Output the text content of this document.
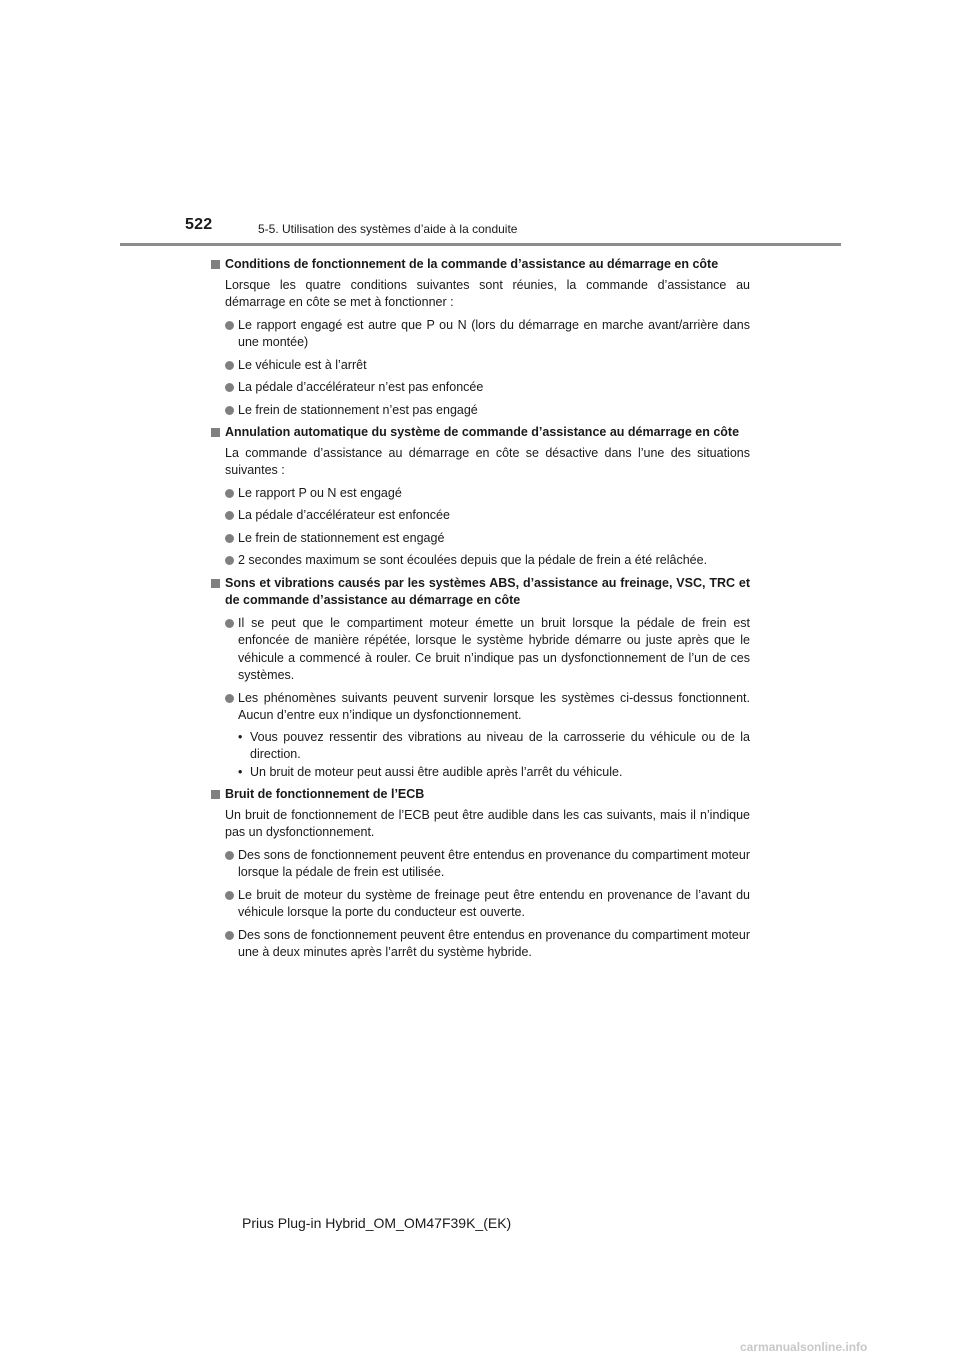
522	5-5. Utilisation des systèmes d’aide à la conduite
Conditions de fonctionnement de la commande d’assistance au démarrage en côte
Lorsque les quatre conditions suivantes sont réunies, la commande d’assistance au démarrage en côte se met à fonctionner :
Le rapport engagé est autre que P ou N (lors du démarrage en marche avant/arrière dans une montée)
Le véhicule est à l’arrêt
La pédale d’accélérateur n’est pas enfoncée
Le frein de stationnement n’est pas engagé
Annulation automatique du système de commande d’assistance au démarrage en côte
La commande d’assistance au démarrage en côte se désactive dans l’une des situations suivantes :
Le rapport P ou N est engagé
La pédale d’accélérateur est enfoncée
Le frein de stationnement est engagé
2 secondes maximum se sont écoulées depuis que la pédale de frein a été relâchée.
Sons et vibrations causés par les systèmes ABS, d’assistance au freinage, VSC, TRC et de commande d’assistance au démarrage en côte
Il se peut que le compartiment moteur émette un bruit lorsque la pédale de frein est enfoncée de manière répétée, lorsque le système hybride démarre ou juste après que le véhicule a commencé à rouler. Ce bruit n’indique pas un dysfonctionnement de l’un de ces systèmes.
Les phénomènes suivants peuvent survenir lorsque les systèmes ci-dessus fonctionnent. Aucun d’entre eux n’indique un dysfonctionnement.
• Vous pouvez ressentir des vibrations au niveau de la carrosserie du véhicule ou de la direction.
• Un bruit de moteur peut aussi être audible après l’arrêt du véhicule.
Bruit de fonctionnement de l’ECB
Un bruit de fonctionnement de l’ECB peut être audible dans les cas suivants, mais il n’indique pas un dysfonctionnement.
Des sons de fonctionnement peuvent être entendus en provenance du compartiment moteur lorsque la pédale de frein est utilisée.
Le bruit de moteur du système de freinage peut être entendu en provenance de l’avant du véhicule lorsque la porte du conducteur est ouverte.
Des sons de fonctionnement peuvent être entendus en provenance du compartiment moteur une à deux minutes après l’arrêt du système hybride.
Prius Plug-in Hybrid_OM_OM47F39K_(EK)
carmanualsonline.info
